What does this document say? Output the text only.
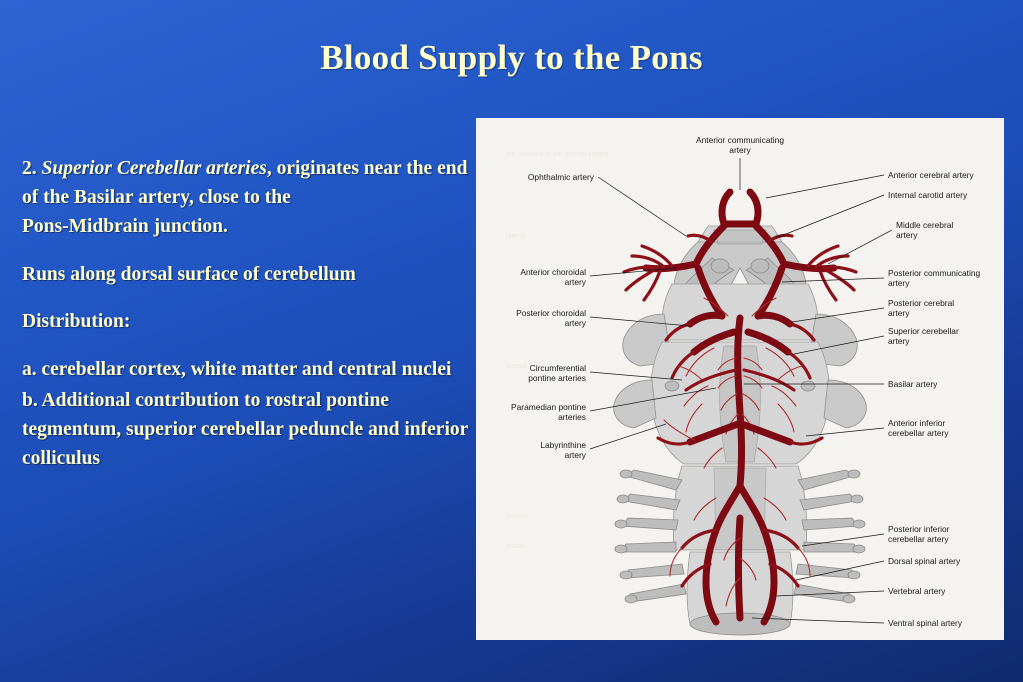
Blood Supply to the Pons

2. Superior Cerebellar arteries, originates near the end of the Basilar artery, close to the

Pons-Midbrain junction.

Runs along dorsal surface of cerebellum

Distribution:

a. cerebellar cortex, white matter and central nuclei

b. Additional contribution to rostral pontine tegmentum, superior cerebellar peduncle and inferior colliculus

the sections of the arterial supply
lateral
medial
ventral
dorsal
Anterior communicating
artery
Ophthalmic artery
Anterior choroidal
artery
Posterior choroidal
artery
Circumferential
pontine arteries
Paramedian pontine
arteries
Labyrinthine
artery
Anterior cerebral artery
Internal carotid artery
Middle cerebral
artery
Posterior communicating
artery
Posterior cerebral
artery
Superior cerebellar
artery
Basilar artery
Anterior inferior
cerebellar artery
Posterior inferior
cerebellar artery
Dorsal spinal artery
Vertebral artery
Ventral spinal artery
